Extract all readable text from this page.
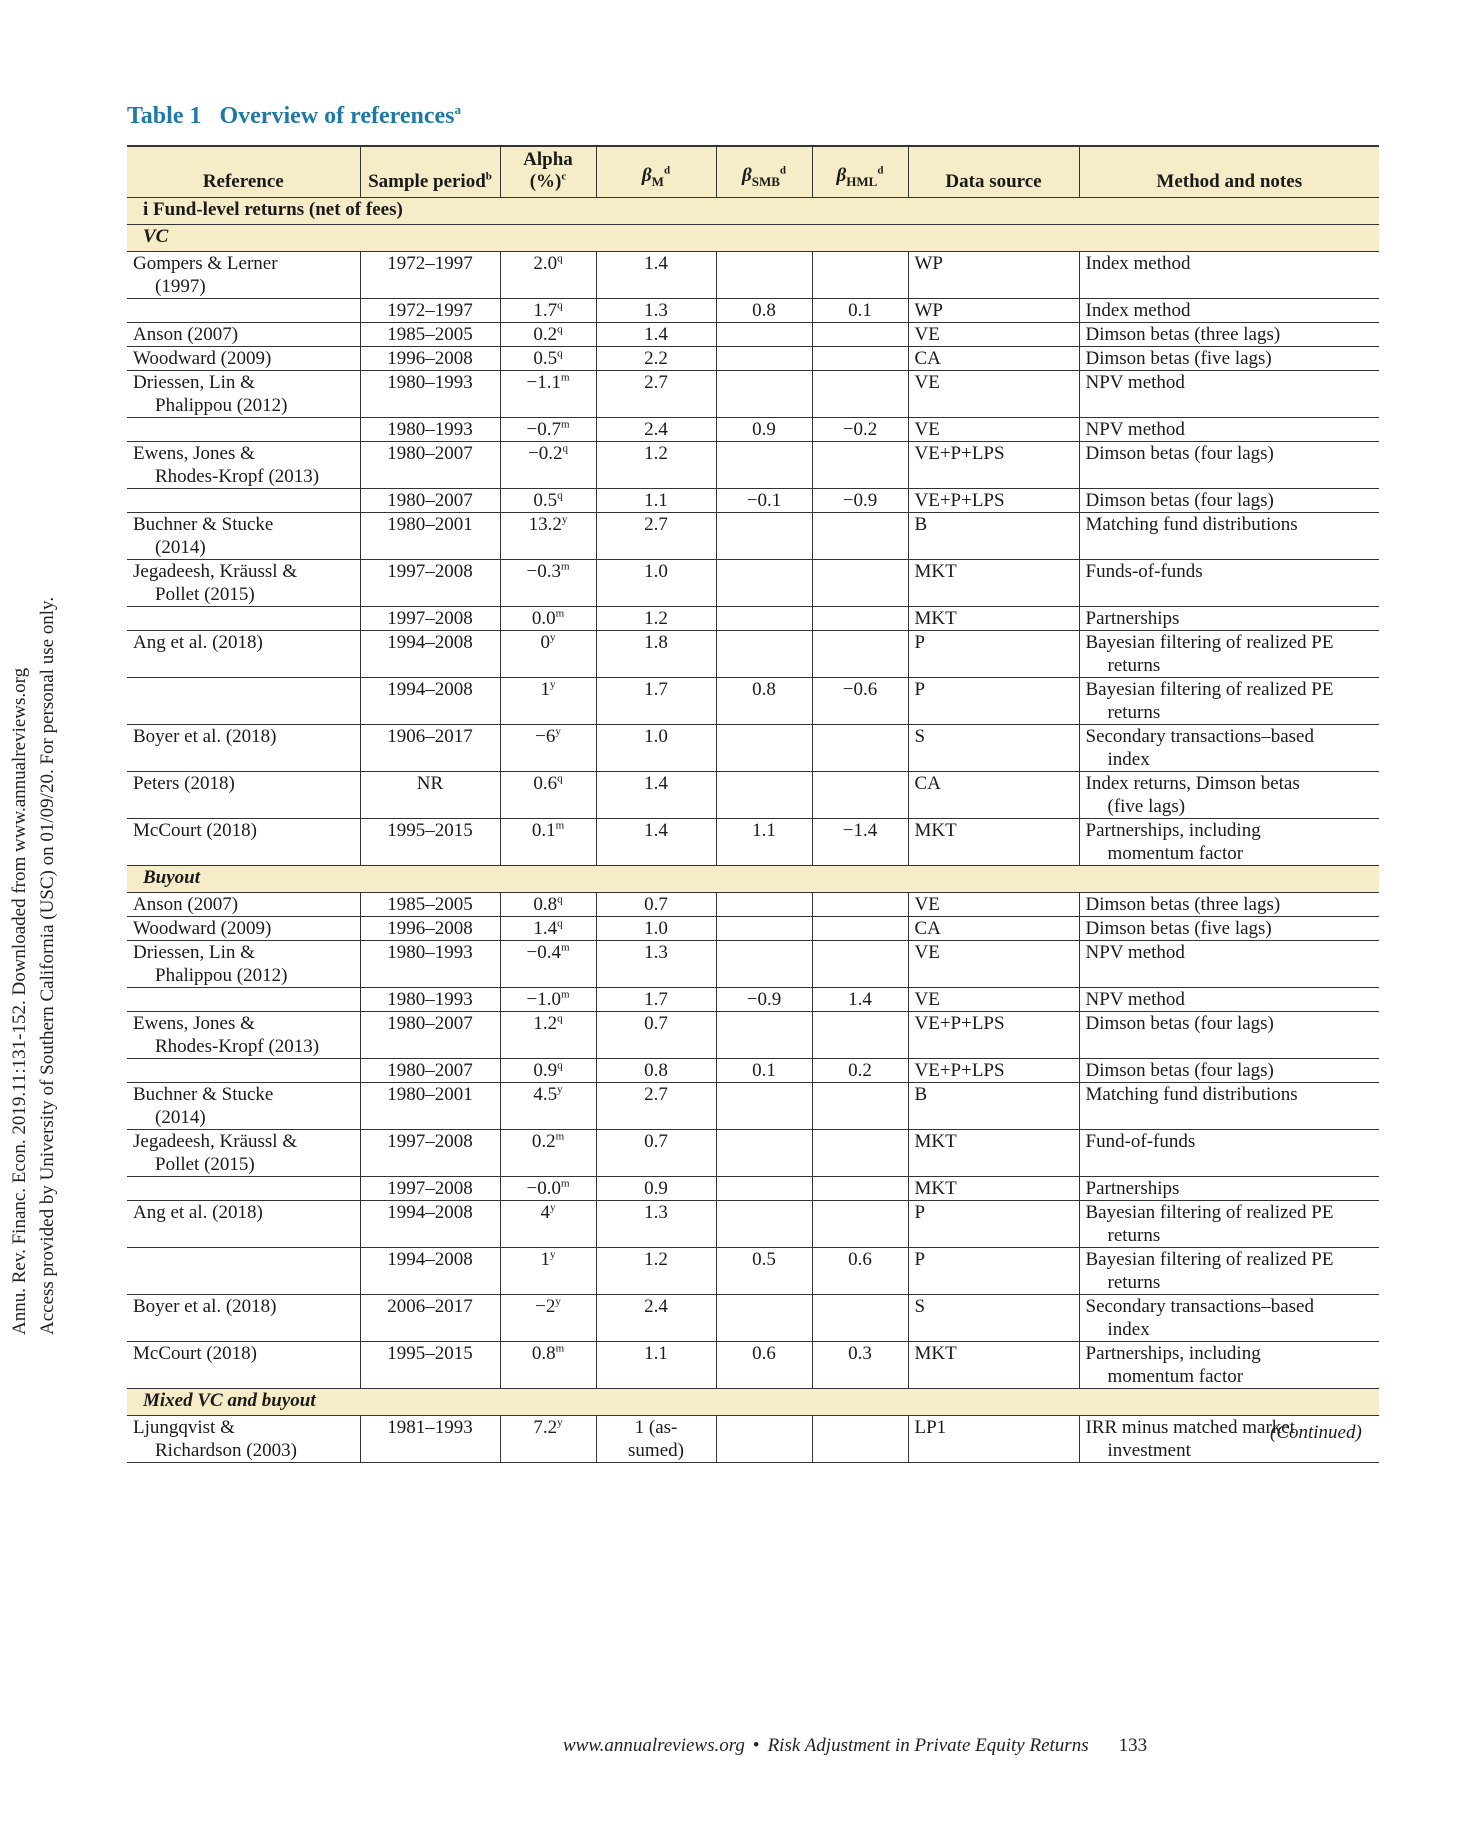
Annu. Rev. Financ. Econ. 2019.11:131-152. Downloaded from www.annualreviews.org Access provided by University of Southern California (USC) on 01/09/20. For personal use only.
Table 1 Overview of references$^a$
Reference	Sample period$^b$	Alpha (%)$^c$	$\beta_M^d$	$\beta_{SMB}^d$	$\beta_{HML}^d$	Data source	Method and notes
i Fund-level returns (net of fees)							
VC							
Gompers & Lerner
(1997)	1972–1997	2.0$^q$	1.4			WP	Index method
	1972–1997	1.7$^q$	1.3	0.8	0.1	WP	Index method
Anson (2007)	1985–2005	0.2$^q$	1.4			VE	Dimson betas (three lags)
Woodward (2009)	1996–2008	0.5$^q$	2.2			CA	Dimson betas (five lags)
Driessen, Lin &
Phalippou (2012)	1980–1993	$-1.1^m$	2.7			VE	NPV method
	1980–1993	$-0.7^m$	2.4	0.9	−0.2	VE	NPV method
Ewens, Jones &
Rhodes-Kropf (2013)	1980–2007	$-0.2^q$	1.2			VE+P+LPS	Dimson betas (four lags)
	1980–2007	0.5$^q$	1.1	−0.1	−0.9	VE+P+LPS	Dimson betas (four lags)
Buchner & Stucke
(2014)	1980–2001	13.2$^y$	2.7			B	Matching fund distributions
Jegadeesh, Kräussl &
Pollet (2015)	1997–2008	$-0.3^m$	1.0			MKT	Funds-of-funds
	1997–2008	0.0$^m$	1.2			MKT	Partnerships
Ang et al. (2018)	1994–2008	0$^y$	1.8			P	Bayesian filtering of realized PE
returns

	1994–2008	1$^y$	1.7	0.8	−0.6	P	Bayesian filtering of realized PE
returns

Boyer et al. (2018)	1906–2017	$-6^y$	1.0			S	Secondary transactions–based
index

Peters (2018)	NR	0.6$^q$	1.4			CA	Index returns, Dimson betas
(five lags)

McCourt (2018)	1995–2015	0.1$^m$	1.4	1.1	−1.4	MKT	Partnerships, including
momentum factor

Buyout							
Anson (2007)	1985–2005	0.8$^q$	0.7			VE	Dimson betas (three lags)
Woodward (2009)	1996–2008	1.4$^q$	1.0			CA	Dimson betas (five lags)
Driessen, Lin &
Phalippou (2012)	1980–1993	$-0.4^m$	1.3			VE	NPV method
	1980–1993	$-1.0^m$	1.7	−0.9	1.4	VE	NPV method
Ewens, Jones &
Rhodes-Kropf (2013)	1980–2007	1.2$^q$	0.7			VE+P+LPS	Dimson betas (four lags)
	1980–2007	0.9$^q$	0.8	0.1	0.2	VE+P+LPS	Dimson betas (four lags)
Buchner & Stucke
(2014)	1980–2001	4.5$^y$	2.7			B	Matching fund distributions
Jegadeesh, Kräussl &
Pollet (2015)	1997–2008	0.2$^m$	0.7			MKT	Fund-of-funds
	1997–2008	$-0.0^m$	0.9			MKT	Partnerships
Ang et al. (2018)	1994–2008	4$^y$	1.3			P	Bayesian filtering of realized PE
returns

	1994–2008	1$^y$	1.2	0.5	0.6	P	Bayesian filtering of realized PE
returns

Boyer et al. (2018)	2006–2017	$-2^y$	2.4			S	Secondary transactions–based
index

McCourt (2018)	1995–2015	0.8$^m$	1.1	0.6	0.3	MKT	Partnerships, including
momentum factor

Mixed VC and buyout							
Ljungqvist &
Richardson (2003)	1981–1993	7.2$^y$	1 (as-
sumed)			LP1	IRR minus matched market
investment
(Continued)
www.annualreviews.org • Risk Adjustment in Private Equity Returns 133
